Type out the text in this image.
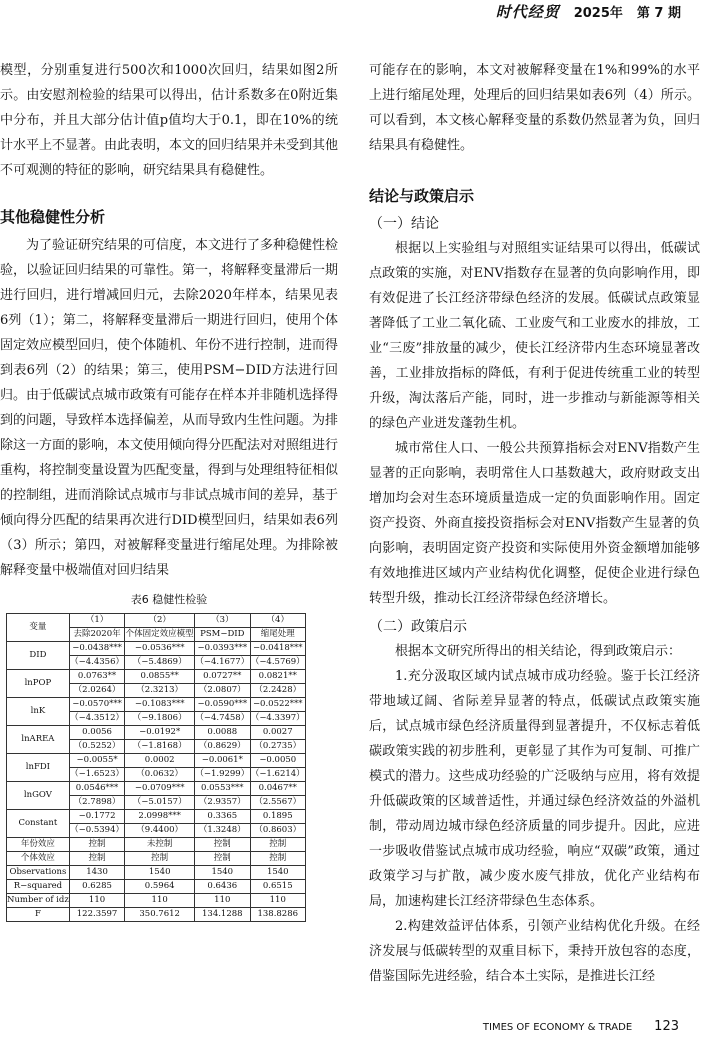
时代经贸 2025年 第 7 期

模型，分别重复进行500次和1000次回归，结果如图2所示。由安慰剂检验的结果可以得出，估计系数多在0附近集中分布，并且大部分估计值p值均大于0.1，即在10%的统计水平上不显著。由此表明，本文的回归结果并未受到其他不可观测的特征的影响，研究结果具有稳健性。

其他稳健性分析

为了验证研究结果的可信度，本文进行了多种稳健性检验，以验证回归结果的可靠性。第一，将解释变量滞后一期进行回归，进行增减回归元，去除2020年样本，结果见表6列（1）；第二，将解释变量滞后一期进行回归，使用个体固定效应模型回归，使个体随机、年份不进行控制，进而得到表6列（2）的结果；第三，使用PSM−DID方法进行回归。由于低碳试点城市政策有可能存在样本并非随机选择得到的问题，导致样本选择偏差，从而导致内生性问题。为排除这一方面的影响，本文使用倾向得分匹配法对对照组进行重构，将控制变量设置为匹配变量，得到与处理组特征相似的控制组，进而消除试点城市与非试点城市间的差异，基于倾向得分匹配的结果再次进行DID模型回归，结果如表6列（3）所示；第四，对被解释变量进行缩尾处理。为排除被解释变量中极端值对回归结果

表6 稳健性检验
变量	（1）	（2）	（3）	（4）
	去除2020年	个体固定效应模型	PSM−DID	缩尾处理
DID	−0.0438***	−0.0536***	−0.0393***	−0.0418***
	（−4.4356）	（−5.4869）	（−4.1677）	（−4.5769）
lnPOP	0.0763**	0.0855**	0.0727**	0.0821**
	（2.0264）	（2.3213）	（2.0807）	（2.2428）
lnK	−0.0570***	−0.1083***	−0.0590***	−0.0522***
	（−4.3512）	（−9.1806）	（−4.7458）	（−4.3397）
lnAREA	0.0056	−0.0192*	0.0088	0.0027
	（0.5252）	（−1.8168）	（0.8629）	（0.2735）
lnFDI	−0.0055*	0.0002	−0.0061*	−0.0050
	（−1.6523）	（0.0632）	（−1.9299）	（−1.6214）
lnGOV	0.0546***	−0.0709***	0.0553***	0.0467**
	（2.7898）	（−5.0157）	（2.9357）	（2.5567）
Constant	−0.1772	2.0998***	0.3365	0.1895
	（−0.5394）	（9.4400）	（1.3248）	（0.8603）
年份效应	控制	未控制	控制	控制
个体效应	控制	控制	控制	控制
Observations	1430	1540	1540	1540
R−squared	0.6285	0.5964	0.6436	0.6515
Number of idz	110	110	110	110
F	122.3597	350.7612	134.1288	138.8286

可能存在的影响，本文对被解释变量在1%和99%的水平上进行缩尾处理，处理后的回归结果如表6列（4）所示。可以看到，本文核心解释变量的系数仍然显著为负，回归结果具有稳健性。

结论与政策启示
（一）结论

根据以上实验组与对照组实证结果可以得出，低碳试点政策的实施，对ENV指数存在显著的负向影响作用，即有效促进了长江经济带绿色经济的发展。低碳试点政策显著降低了工业二氧化硫、工业废气和工业废水的排放，工业“三废”排放量的减少，使长江经济带内生态环境显著改善，工业排放指标的降低，有利于促进传统重工业的转型升级，淘汰落后产能，同时，进一步推动与新能源等相关的绿色产业迸发蓬勃生机。

城市常住人口、一般公共预算指标会对ENV指数产生显著的正向影响，表明常住人口基数越大，政府财政支出增加均会对生态环境质量造成一定的负面影响作用。固定资产投资、外商直接投资指标会对ENV指数产生显著的负向影响，表明固定资产投资和实际使用外资金额增加能够有效地推进区域内产业结构优化调整，促使企业进行绿色转型升级，推动长江经济带绿色经济增长。

（二）政策启示

根据本文研究所得出的相关结论，得到政策启示：

1.充分汲取区域内试点城市成功经验。鉴于长江经济带地域辽阔、省际差异显著的特点，低碳试点政策实施后，试点城市绿色经济质量得到显著提升，不仅标志着低碳政策实践的初步胜利，更彰显了其作为可复制、可推广模式的潜力。这些成功经验的广泛吸纳与应用，将有效提升低碳政策的区域普适性，并通过绿色经济效益的外溢机制，带动周边城市绿色经济质量的同步提升。因此，应进一步吸收借鉴试点城市成功经验，响应“双碳”政策，通过政策学习与扩散，减少废水废气排放，优化产业结构布局，加速构建长江经济带绿色生态体系。

2.构建效益评估体系，引领产业结构优化升级。在经济发展与低碳转型的双重目标下，秉持开放包容的态度，借鉴国际先进经验，结合本土实际，是推进长江经

TIMES OF ECONOMY & TRADE 123
